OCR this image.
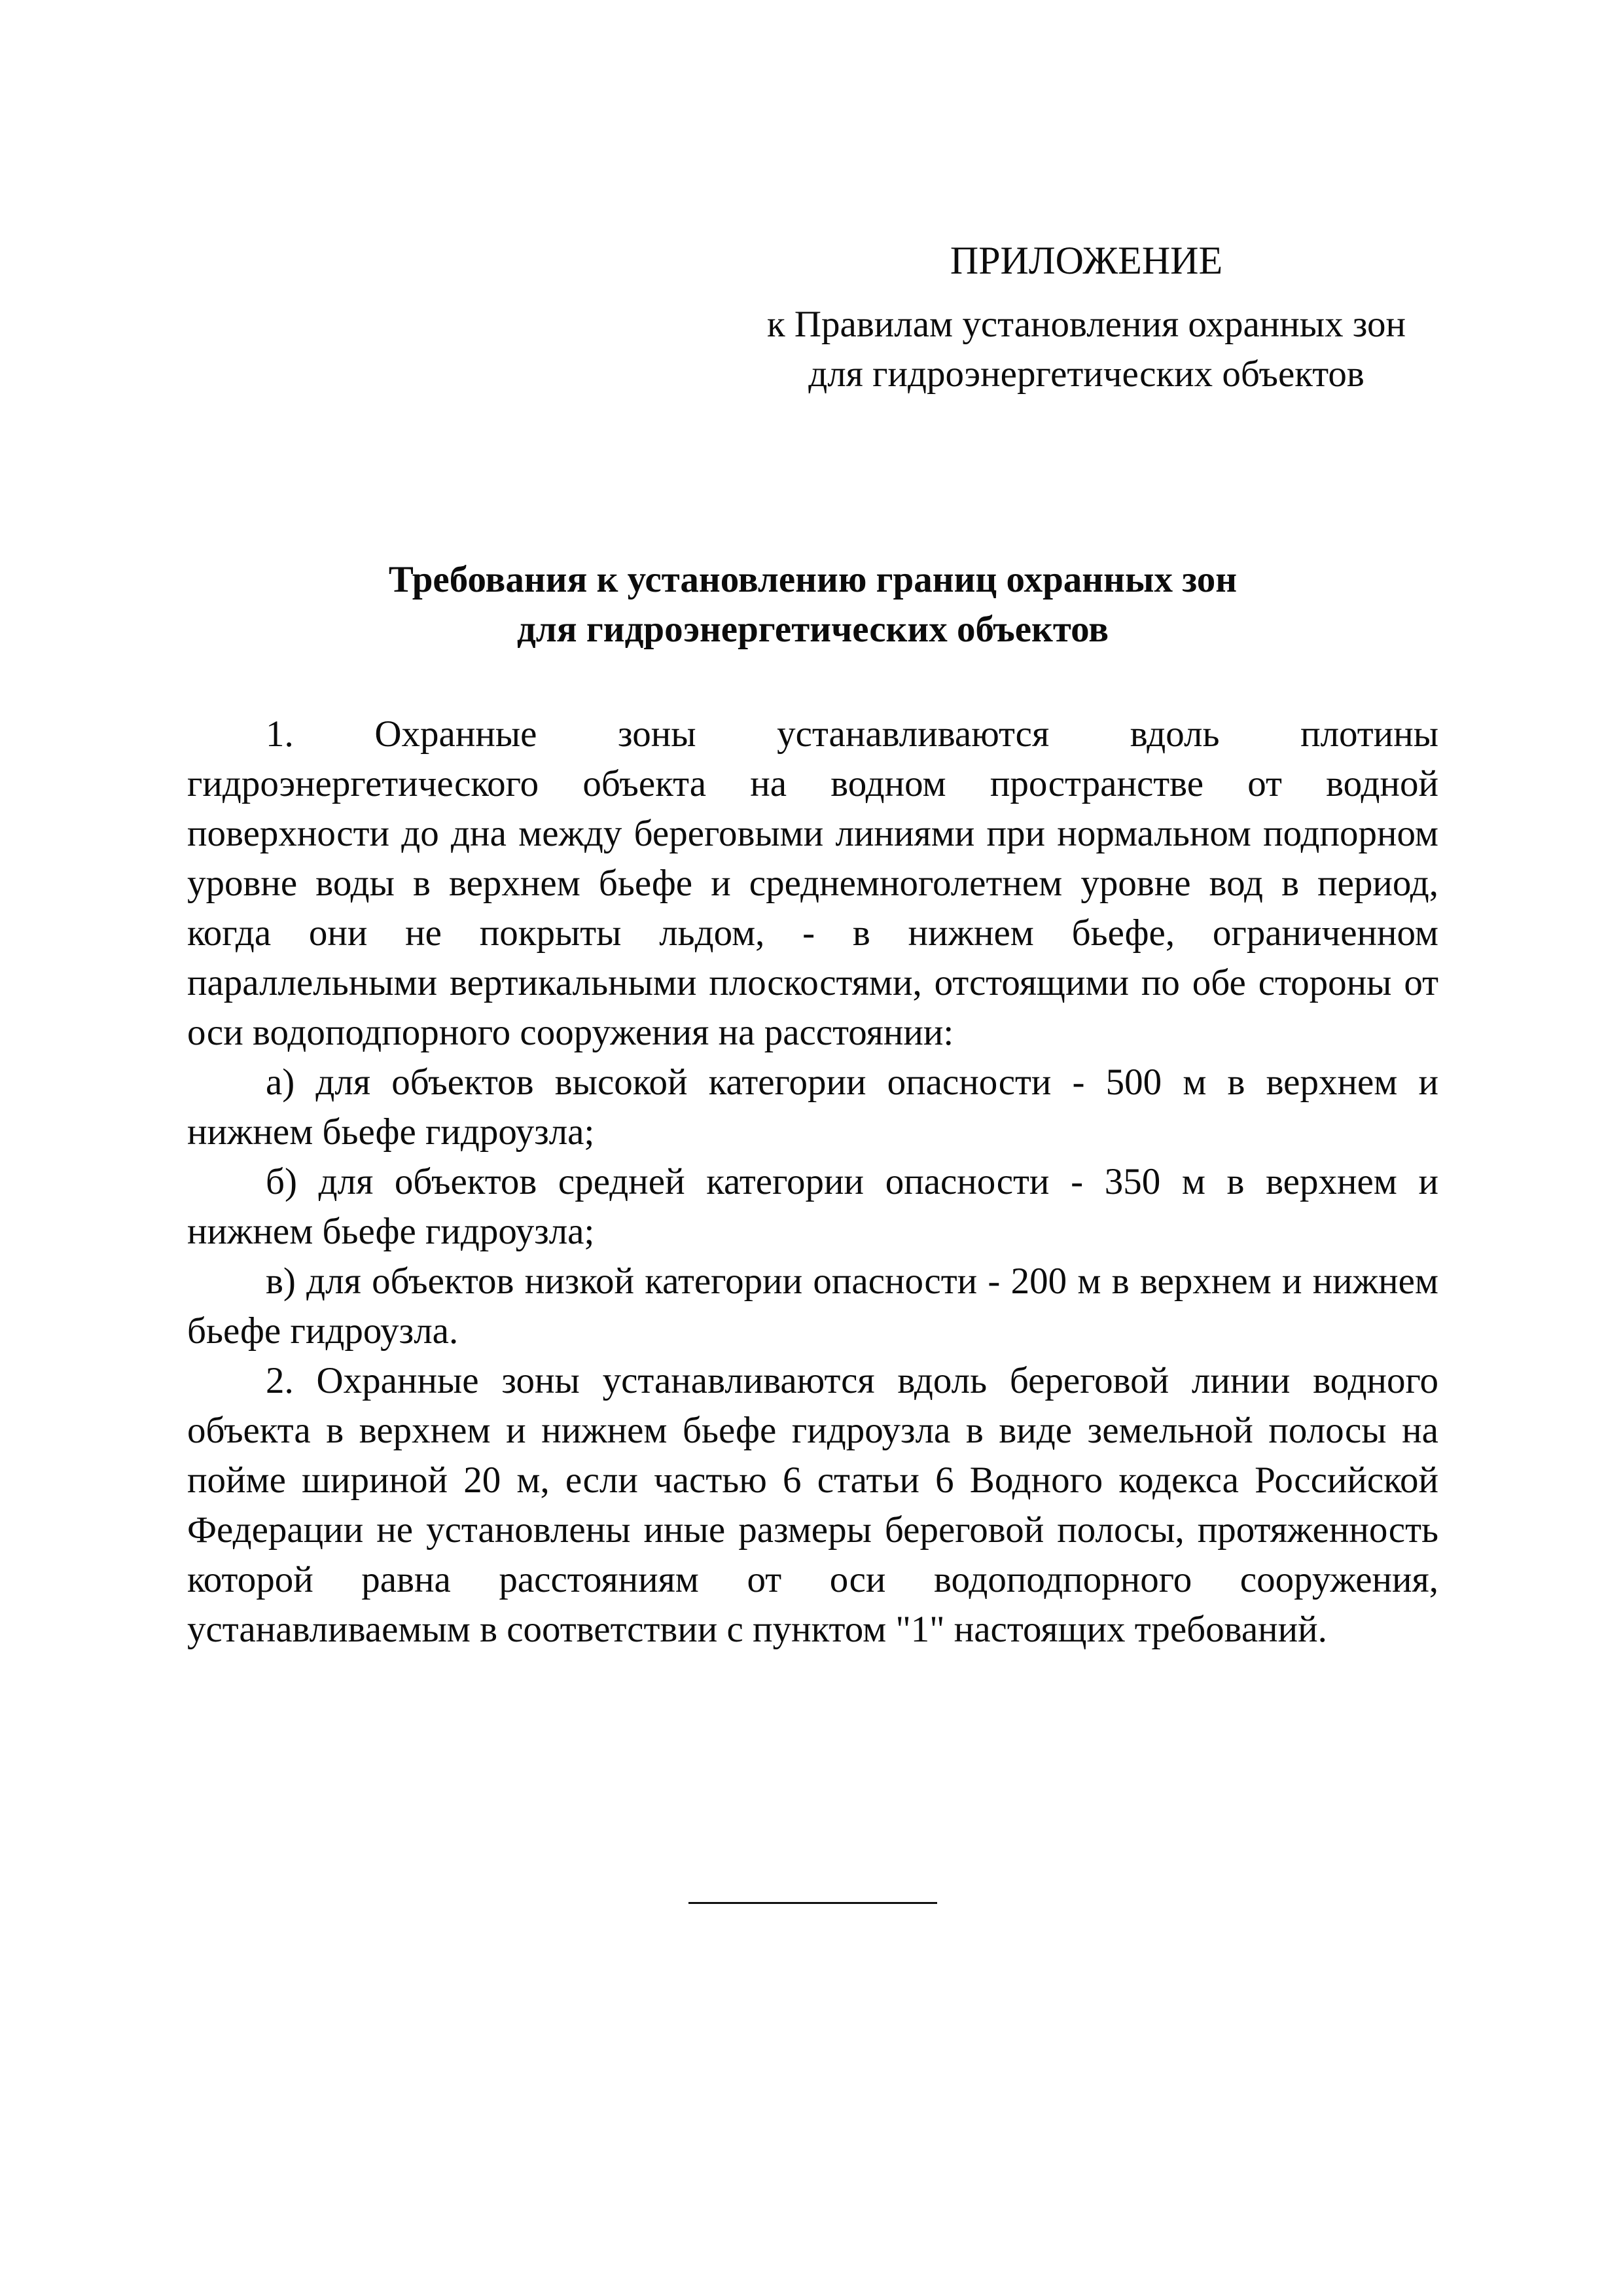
ПРИЛОЖЕНИЕ
к Правилам установления охранных зон
для гидроэнергетических объектов
Требования к установлению границ охранных зон
для гидроэнергетических объектов

1. Охранные зоны устанавливаются вдоль плотины гидроэнергетического объекта на водном пространстве от водной поверхности до дна между береговыми линиями при нормальном подпорном уровне воды в верхнем бьефе и среднемноголетнем уровне вод в период, когда они не покрыты льдом, - в нижнем бьефе, ограниченном параллельными вертикальными плоскостями, отстоящими по обе стороны от оси водоподпорного сооружения на расстоянии:

а) для объектов высокой категории опасности - 500 м в верхнем и нижнем бьефе гидроузла;

б) для объектов средней категории опасности - 350 м в верхнем и нижнем бьефе гидроузла;

в) для объектов низкой категории опасности - 200 м в верхнем и нижнем бьефе гидроузла.

2. Охранные зоны устанавливаются вдоль береговой линии водного объекта в верхнем и нижнем бьефе гидроузла в виде земельной полосы на пойме шириной 20 м, если частью 6 статьи 6 Водного кодекса Российской Федерации не установлены иные размеры береговой полосы, протяженность которой равна расстояниям от оси водоподпорного сооружения, устанавливаемым в соответствии с пунктом "1" настоящих требований.
